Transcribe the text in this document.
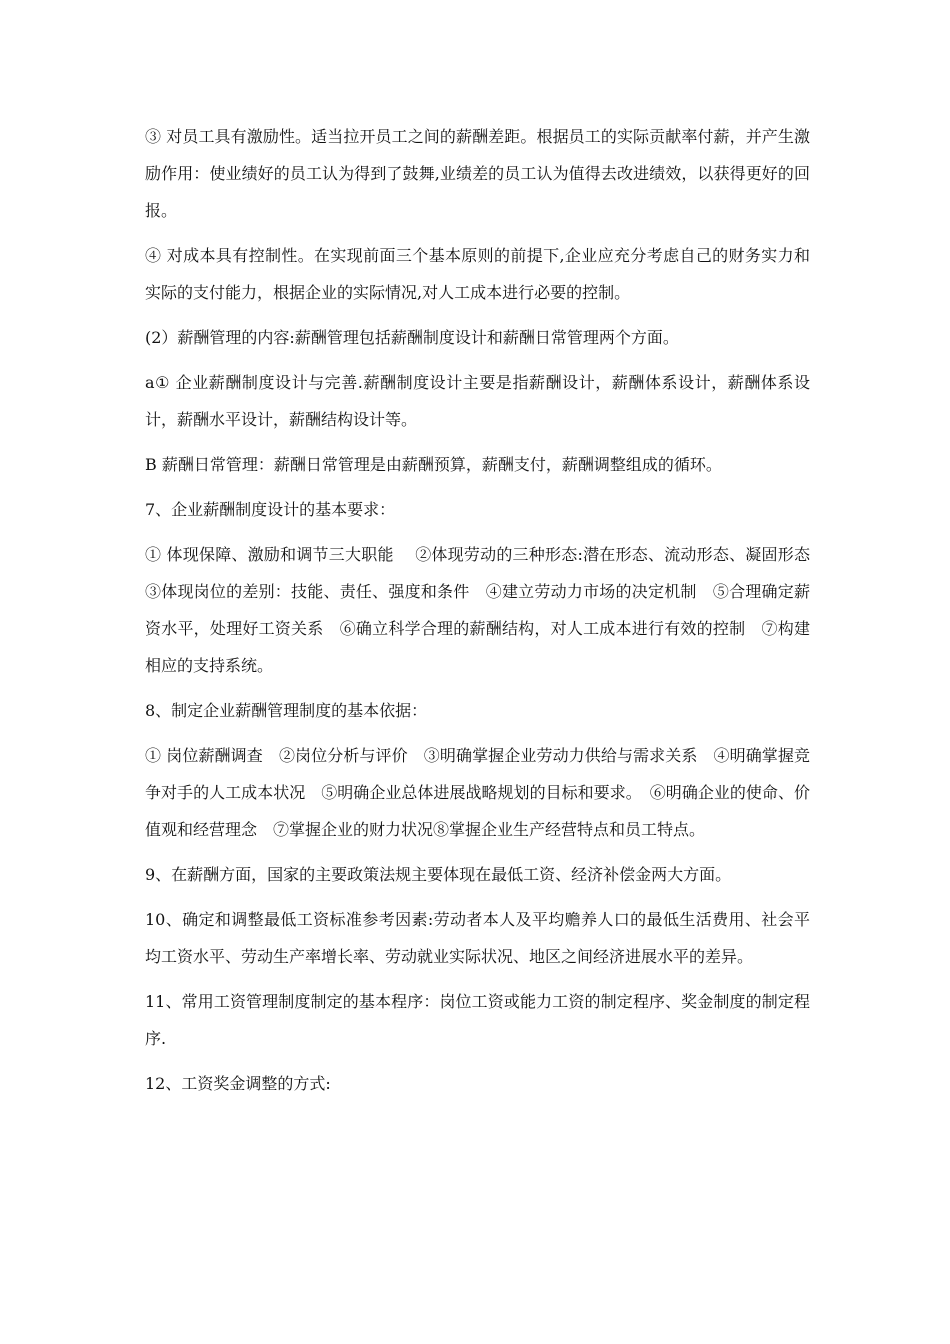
③ 对员工具有激励性。适当拉开员工之间的薪酬差距。根据员工的实际贡献率付薪，并产生激励作用：使业绩好的员工认为得到了鼓舞,业绩差的员工认为值得去改进绩效，以获得更好的回报。

④ 对成本具有控制性。在实现前面三个基本原则的前提下,企业应充分考虑自己的财务实力和实际的支付能力，根据企业的实际情况,对人工成本进行必要的控制。

(2）薪酬管理的内容:薪酬管理包括薪酬制度设计和薪酬日常管理两个方面。

a① 企业薪酬制度设计与完善.薪酬制度设计主要是指薪酬设计，薪酬体系设计，薪酬体系设计，薪酬水平设计，薪酬结构设计等。

B 薪酬日常管理：薪酬日常管理是由薪酬预算，薪酬支付，薪酬调整组成的循环。

7、企业薪酬制度设计的基本要求：

① 体现保障、激励和调节三大职能　 ②体现劳动的三种形态:潜在形态、流动形态、凝固形态　③体现岗位的差别：技能、责任、强度和条件　④建立劳动力市场的决定机制　⑤合理确定薪资水平，处理好工资关系　⑥确立科学合理的薪酬结构，对人工成本进行有效的控制　⑦构建相应的支持系统。

8、制定企业薪酬管理制度的基本依据：

① 岗位薪酬调查　②岗位分析与评价　③明确掌握企业劳动力供给与需求关系　④明确掌握竞争对手的人工成本状况　⑤明确企业总体进展战略规划的目标和要求。　⑥明确企业的使命、价值观和经营理念　⑦掌握企业的财力状况⑧掌握企业生产经营特点和员工特点。

9、在薪酬方面，国家的主要政策法规主要体现在最低工资、经济补偿金两大方面。

10、确定和调整最低工资标准参考因素:劳动者本人及平均赡养人口的最低生活费用、社会平均工资水平、劳动生产率增长率、劳动就业实际状况、地区之间经济进展水平的差异。

11、常用工资管理制度制定的基本程序：岗位工资或能力工资的制定程序、奖金制度的制定程序.

12、工资奖金调整的方式:
